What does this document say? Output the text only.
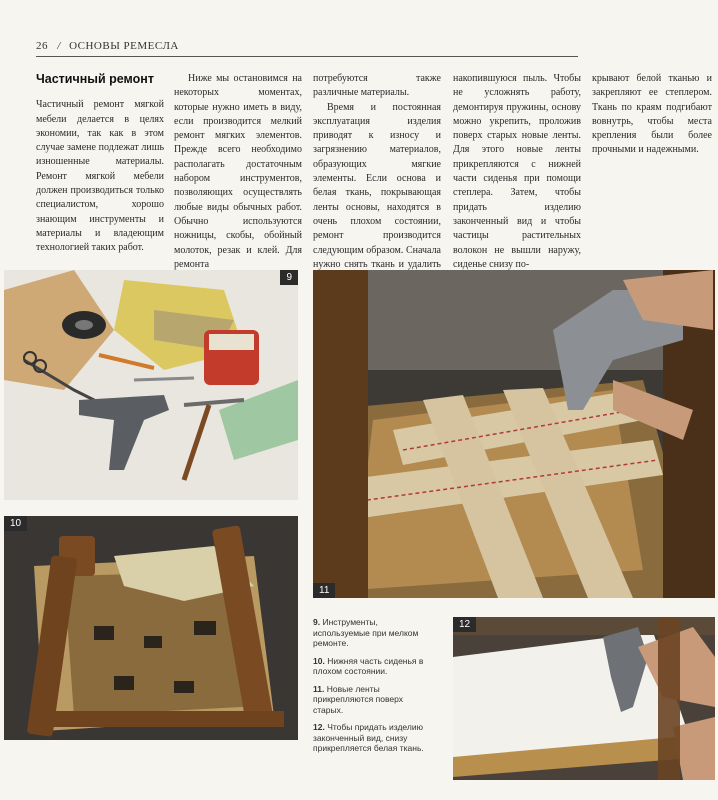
26 / ОСНОВЫ РЕМЕСЛА
Частичный ремонт

Частичный ремонт мягкой мебели делается в целях экономии, так как в этом случае замене подлежат лишь изношенные материалы. Ремонт мягкой мебели должен производиться только специалистом, хорошо знающим инструменты и материалы и владеющим технологией таких работ.

Ниже мы остановимся на некоторых моментах, которые нужно иметь в виду, если производится мелкий ремонт мягких элементов. Прежде всего необходимо располагать достаточным набором инструментов, позволяющих осуществлять любые виды обычных работ. Обычно используются ножницы, скобы, обойный молоток, резак и клей. Для ремонта

потребуются также различные материалы.

Время и постоянная эксплуатация изделия приводят к износу и загрязнению материалов, образующих мягкие элементы. Если основа и белая ткань, покрывающая ленты основы, находятся в очень плохом состоянии, ремонт производится следующим образом. Сначала нужно снять ткань и удалить

накопившуюся пыль. Чтобы не усложнять работу, демонтируя пружины, основу можно укрепить, проложив поверх старых новые ленты. Для этого новые ленты прикрепляются с нижней части сиденья при помощи степлера. Затем, чтобы придать изделию законченный вид и чтобы частицы растительных волокон не вышли наружу, сиденье снизу по-

крывают белой тканью и закрепляют ее степлером. Ткань по краям подгибают вовнутрь, чтобы места крепления были более прочными и надежными.

9
10
11
9. Инструменты, используемые при мелком ремонте.
10. Нижняя часть сиденья в плохом состоянии.
11. Новые ленты прикрепляются поверх старых.
12. Чтобы придать изделию законченный вид, снизу прикрепляется белая ткань.
12
